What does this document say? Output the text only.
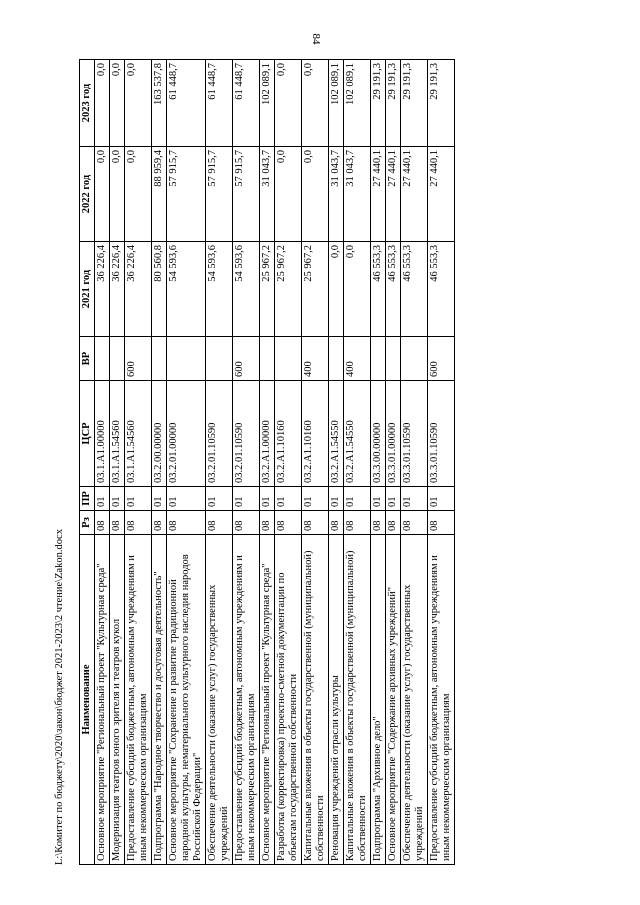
84
Наименование	Рз	ПР	ЦСР	ВР	2021 год	2022 год	2023 год
Основное мероприятие "Региональный проект "Культурная среда"	08	01	03.1.А1.00000		36 226,4	0,0	0,0
Модернизация театров юного зрителя и театров кукол	08	01	03.1.А1.54560		36 226,4	0,0	0,0
Предоставление субсидий бюджетным, автономным учреждениям и иным некоммерческим организациям	08	01	03.1.А1.54560	600	36 226,4	0,0	0,0
Подпрограмма "Народное творчество и досуговая деятельность"	08	01	03.2.00.00000		80 560,8	88 959,4	163 537,8
Основное мероприятие "Сохранение и развитие традиционной народной культуры, нематериального культурного наследия народов Российской Федерации"	08	01	03.2.01.00000		54 593,6	57 915,7	61 448,7
Обеспечение деятельности (оказание услуг) государственных учреждений	08	01	03.2.01.10590		54 593,6	57 915,7	61 448,7
Предоставление субсидий бюджетным, автономным учреждениям и иным некоммерческим организациям	08	01	03.2.01.10590	600	54 593,6	57 915,7	61 448,7
Основное мероприятие "Региональный проект "Культурная среда"	08	01	03.2.А1.00000		25 967,2	31 043,7	102 089,1
Разработка (корректировка) проектно-сметной документации по объектам государственной собственности	08	01	03.2.А1.10160		25 967,2	0,0	0,0
Капитальные вложения в объекты государственной (муниципальной) собственности	08	01	03.2.А1.10160	400	25 967,2	0,0	0,0
Реновация учреждений отрасли культуры	08	01	03.2.А1.54550		0,0	31 043,7	102 089,1
Капитальные вложения в объекты государственной (муниципальной) собственности	08	01	03.2.А1.54550	400	0,0	31 043,7	102 089,1
Подпрограмма "Архивное дело"	08	01	03.3.00.00000		46 553,3	27 440,1	29 191,3
Основное мероприятие "Содержание архивных учреждений"	08	01	03.3.01.00000		46 553,3	27 440,1	29 191,3
Обеспечение деятельности (оказание услуг) государственных учреждений	08	01	03.3.01.10590		46 553,3	27 440,1	29 191,3
Предоставление субсидий бюджетным, автономным учреждениям и иным некоммерческим организациям	08	01	03.3.01.10590	600	46 553,3	27 440,1	29 191,3
L:\Комитет по бюджету\2020\закон\бюджет 2021-2023\2 чтение\Zakon.docx
